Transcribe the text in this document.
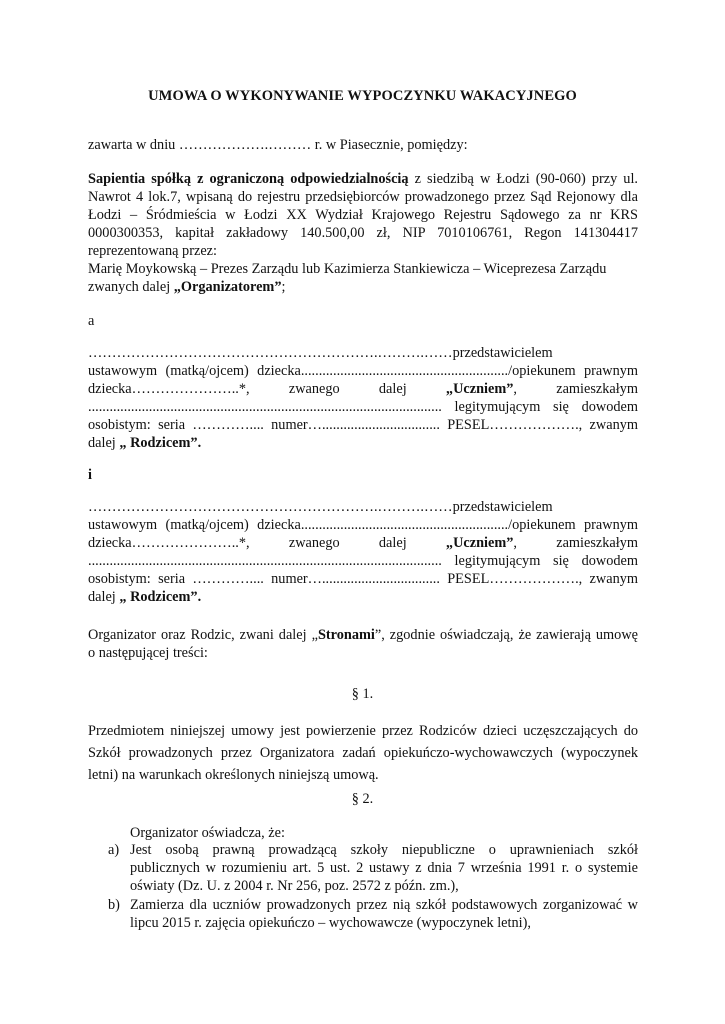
UMOWA O WYKONYWANIE WYPOCZYNKU WAKACYJNEGO
zawarta w dniu ……………….……… r. w Piasecznie, pomiędzy:
Sapientia spółką z ograniczoną odpowiedzialnością z siedzibą w Łodzi (90-060) przy ul.
Nawrot 4 lok.7, wpisaną do rejestru przedsiębiorców prowadzonego przez Sąd Rejonowy dla
Łodzi – Śródmieścia w Łodzi XX Wydział Krajowego Rejestru Sądowego za nr KRS
0000300353, kapitał zakładowy 140.500,00 zł, NIP 7010106761, Regon 141304417
reprezentowaną przez:
Marię Moykowską – Prezes Zarządu lub Kazimierza Stankiewicza – Wiceprezesa Zarządu
zwanych dalej „Organizatorem”;
a
…………………………………………………….……….……przedstawicielem
ustawowym (matką/ojcem) dziecka........................................................../opiekunem prawnym
dziecka…………………..*,	zwanego	dalej	„Uczniem”,	zamieszkałym
................................................................................................... legitymującym się dowodem
osobistym: seria ………….... numer…................................. PESEL………………., zwanym
dalej „ Rodzicem”.
i
…………………………………………………….……….……przedstawicielem
ustawowym (matką/ojcem) dziecka........................................................../opiekunem prawnym
dziecka…………………..*,	zwanego	dalej	„Uczniem”,	zamieszkałym
................................................................................................... legitymującym się dowodem
osobistym: seria ………….... numer…................................. PESEL………………., zwanym
dalej „ Rodzicem”.
Organizator oraz Rodzic, zwani dalej „Stronami”, zgodnie oświadczają, że zawierają umowę
o następującej treści:
§ 1.
Przedmiotem niniejszej umowy jest powierzenie przez Rodziców dzieci uczęszczających do
Szkół prowadzonych przez Organizatora zadań opiekuńczo-wychowawczych (wypoczynek
letni) na warunkach określonych niniejszą umową.
§ 2.
Organizator oświadcza, że:
a) Jest osobą prawną prowadzącą szkoły niepubliczne o uprawnieniach szkół
publicznych w rozumieniu art. 5 ust. 2 ustawy z dnia 7 września 1991 r. o systemie
oświaty (Dz. U. z 2004 r. Nr 256, poz. 2572 z późn. zm.),
b) Zamierza dla uczniów prowadzonych przez nią szkół podstawowych zorganizować w
lipcu 2015 r. zajęcia opiekuńczo – wychowawcze (wypoczynek letni),
